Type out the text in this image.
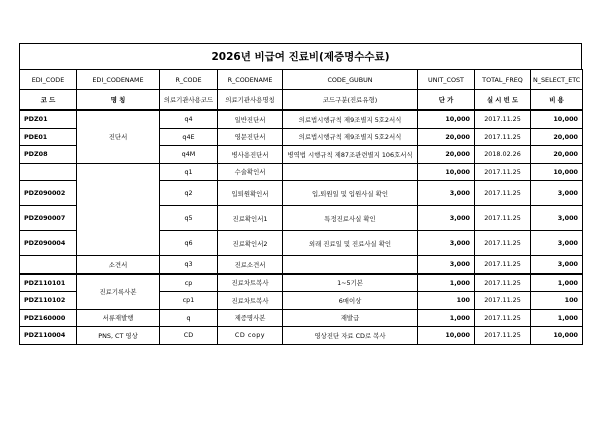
2026년 비급여 진료비(제증명수수료)
EDI_CODE	EDI_CODENAME	R_CODE	R_CODENAME	CODE_GUBUN	UNIT_COST	TOTAL_FREQ	N_SELECT_ETC
코 드	명 칭	의료기관사용코드	의료기관사용명칭	코드구분(진료유형)	단 가	실 시 빈 도	비 용
PDZ01	진단서	q4	일반진단서	의료법시행규칙 제9조별지 5호2서식	10,000	2017.11.25	10,000
PDE01		q4E	영문진단서	의료법시행규칙 제9조별지 5호2서식	20,000	2017.11.25	20,000
PDZ08		q4M	병사용진단서	병역법 시행규칙 제87조관련별지 106호서식	20,000	2018.02.26	20,000
		q1	수술확인서		10,000	2017.11.25	10,000
PDZ090002		q2	입퇴원확인서	입,퇴원일 및 입원사실 확인	3,000	2017.11.25	3,000
PDZ090007		q5	진료확인서1	특정진료사실 확인	3,000	2017.11.25	3,000
PDZ090004		q6	진료확인서2	외래 진료일 및 진료사실 확인	3,000	2017.11.25	3,000
	소견서	q3	진료소견서		3,000	2017.11.25	3,000
PDZ110101	진료기록사본	cp	진료차트복사	1~5기본	1,000	2017.11.25	1,000
PDZ110102		cp1	진료차트복사	6매이상	100	2017.11.25	100
PDZ160000	서류재발행	q	제증명사본	재발급	1,000	2017.11.25	1,000
PDZ110004	PNS, CT 영상	CD	CD copy	영상진단 자료 CD로 복사	10,000	2017.11.25	10,000
